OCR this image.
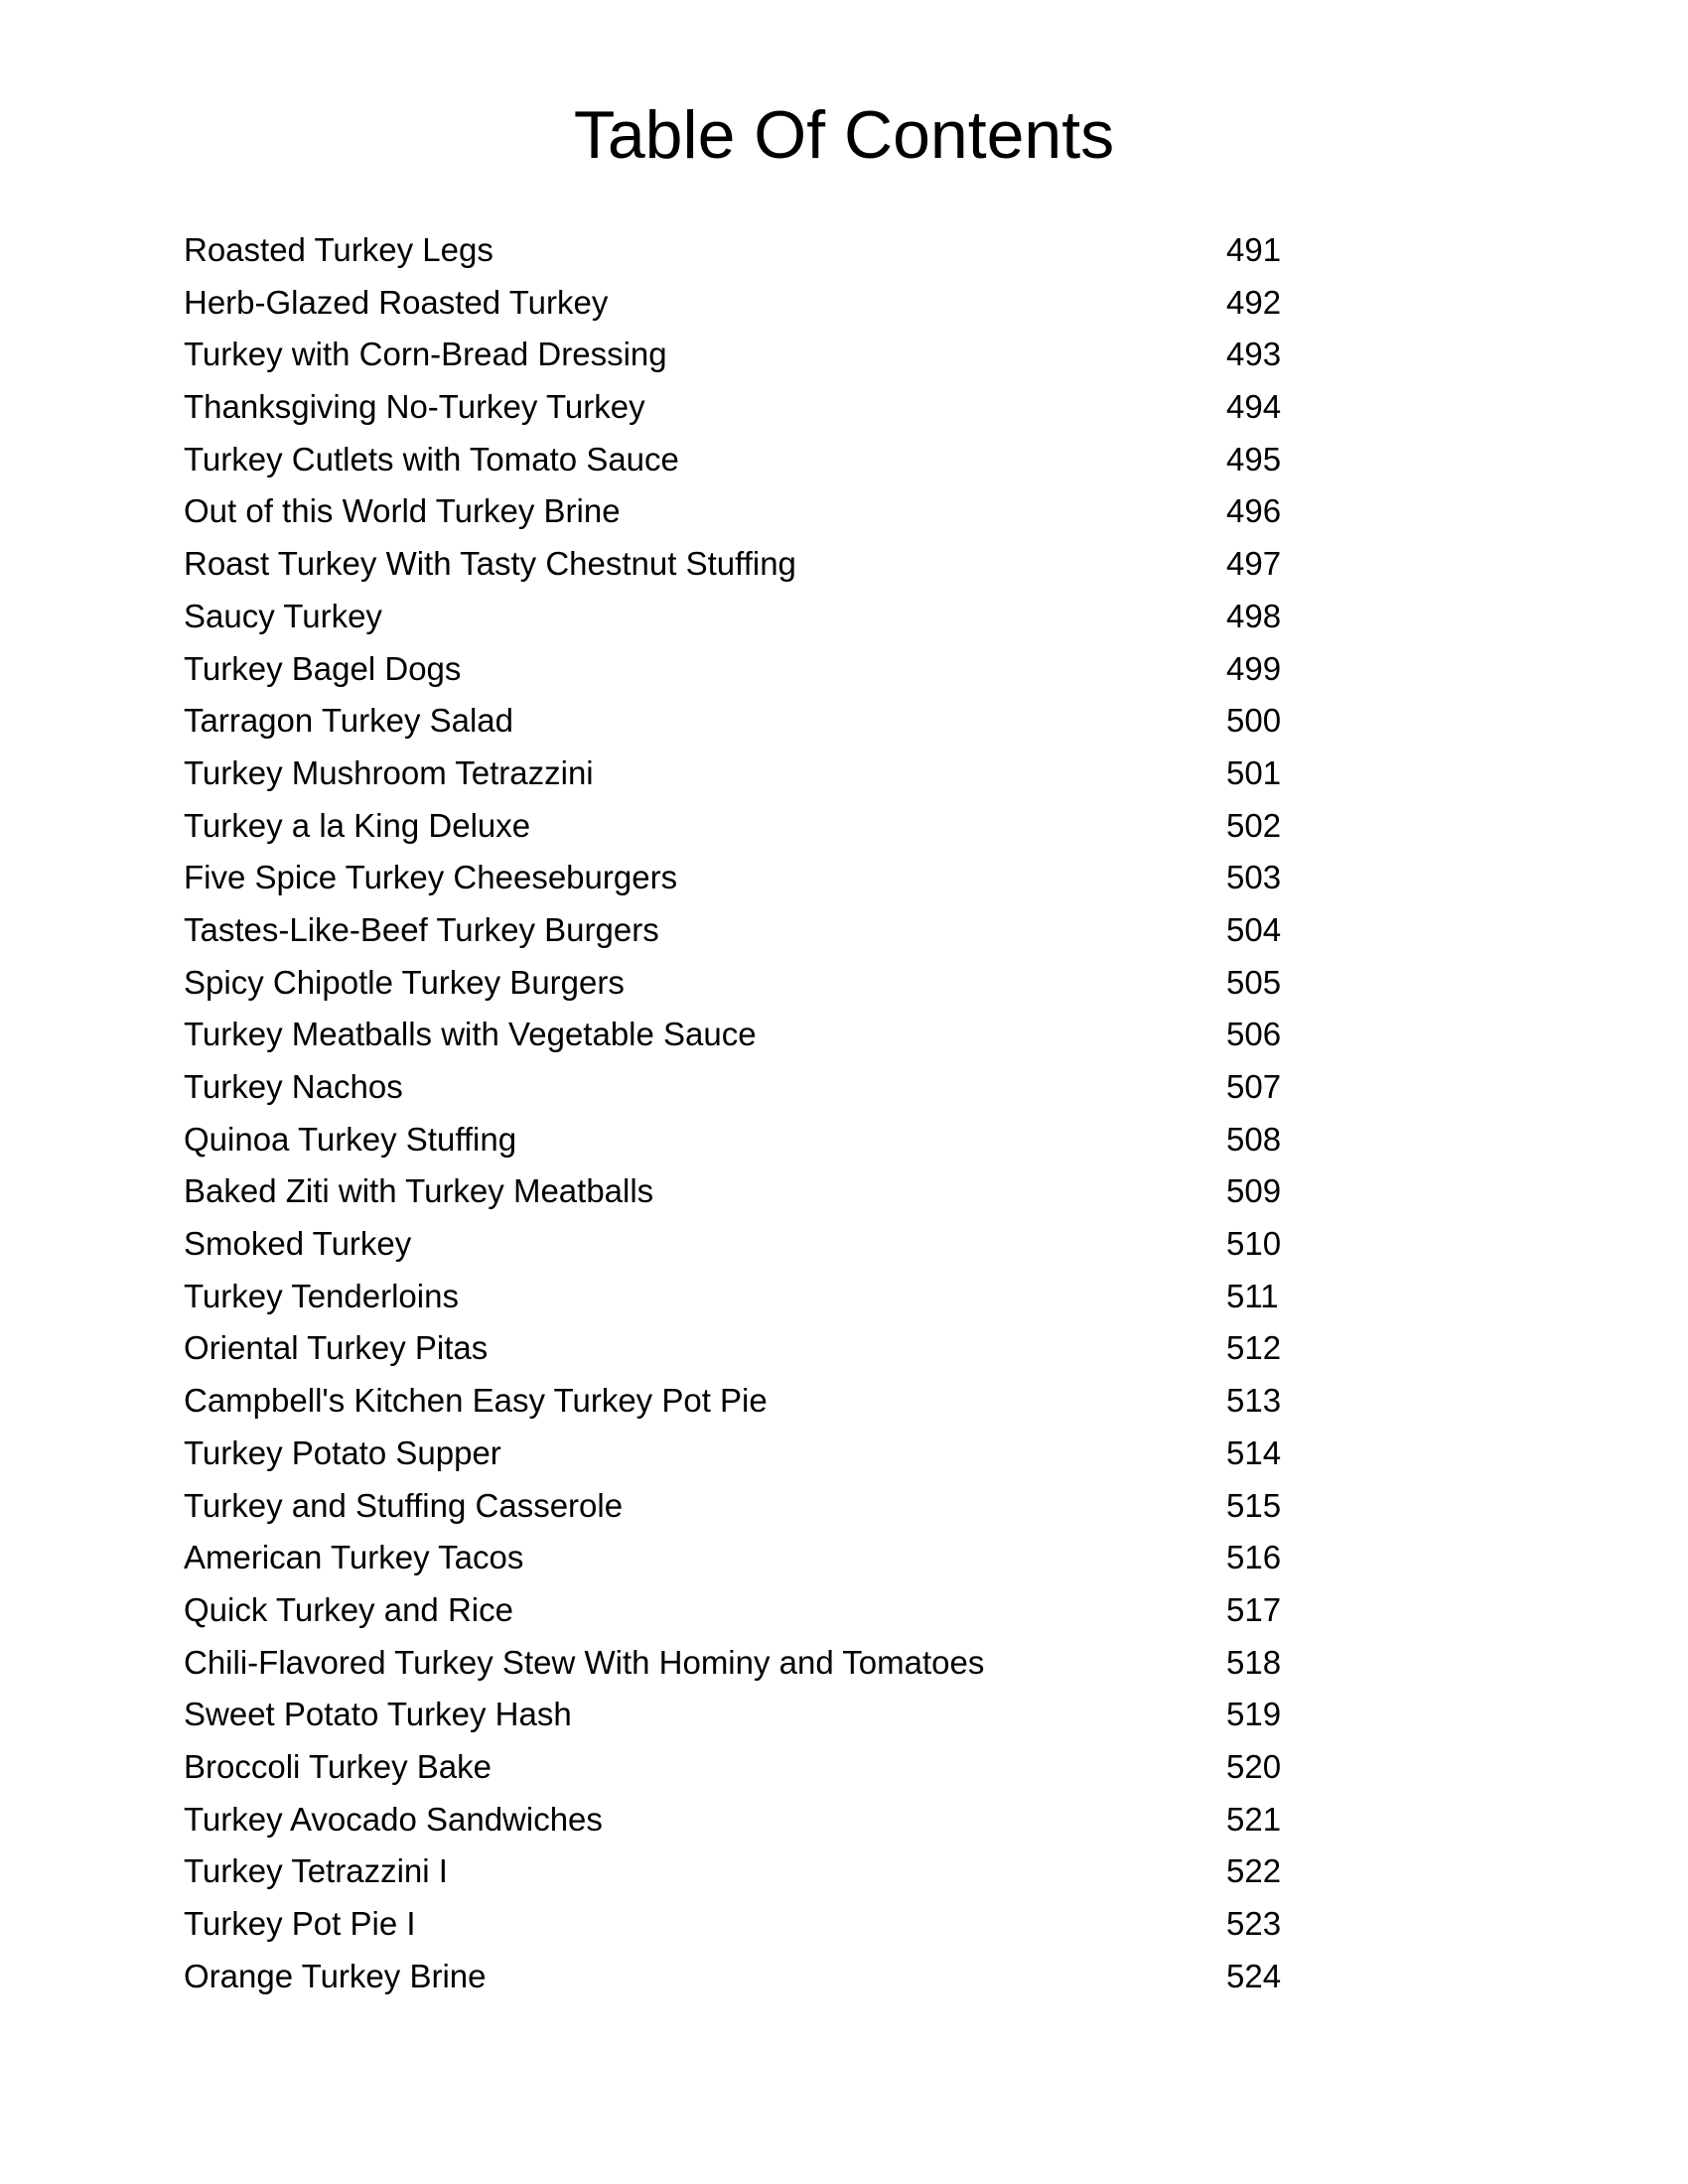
Table Of Contents
Roasted Turkey Legs	491
Herb-Glazed Roasted Turkey	492
Turkey with Corn-Bread Dressing	493
Thanksgiving No-Turkey Turkey	494
Turkey Cutlets with Tomato Sauce	495
Out of this World Turkey Brine	496
Roast Turkey With Tasty Chestnut Stuffing	497
Saucy Turkey	498
Turkey Bagel Dogs	499
Tarragon Turkey Salad	500
Turkey Mushroom Tetrazzini	501
Turkey a la King Deluxe	502
Five Spice Turkey Cheeseburgers	503
Tastes-Like-Beef Turkey Burgers	504
Spicy Chipotle Turkey Burgers	505
Turkey Meatballs with Vegetable Sauce	506
Turkey Nachos	507
Quinoa Turkey Stuffing	508
Baked Ziti with Turkey Meatballs	509
Smoked Turkey	510
Turkey Tenderloins	511
Oriental Turkey Pitas	512
Campbell's Kitchen Easy Turkey Pot Pie	513
Turkey Potato Supper	514
Turkey and Stuffing Casserole	515
American Turkey Tacos	516
Quick Turkey and Rice	517
Chili-Flavored Turkey Stew With Hominy and Tomatoes	518
Sweet Potato Turkey Hash	519
Broccoli Turkey Bake	520
Turkey Avocado Sandwiches	521
Turkey Tetrazzini I	522
Turkey Pot Pie I	523
Orange Turkey Brine	524
